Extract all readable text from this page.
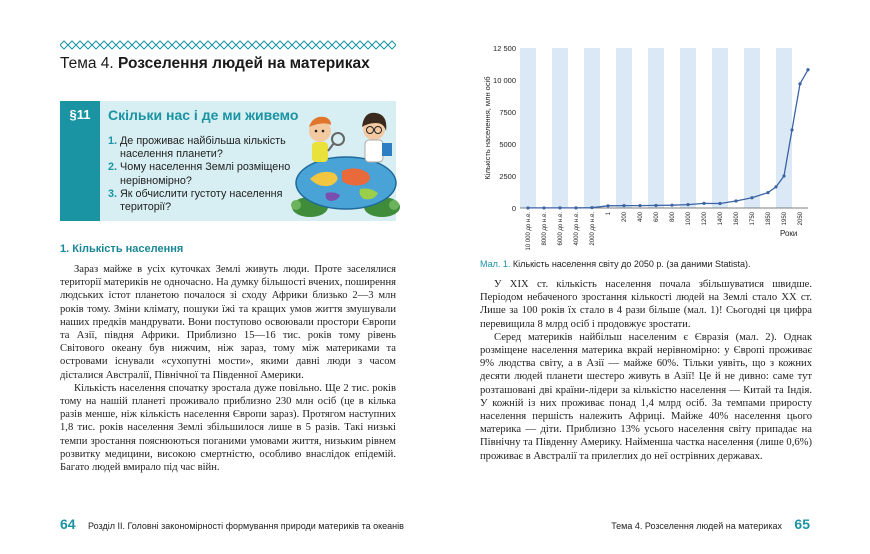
Тема 4. Розселення людей на материках
§11	Скільки нас і де ми живемо
1. Де проживає найбільша кількість населення планети?
2. Чому населення Землі розміщено нерівномірно?
3. Як обчислити густоту населення території?
1. Кількість населення

Зараз майже в усіх куточках Землі живуть люди. Проте заселялися території материків не одночасно. На думку більшості вчених, поширення людських істот планетою почалося зі сходу Африки близько 2—3 млн років тому. Зміни клімату, пошуки їжі та кращих умов життя змушували наших предків мандрувати. Вони поступово освоювали простори Європи та Азії, півдня Африки. Приблизно 15—16 тис. років тому рівень Світового океану був нижчим, ніж зараз, тому між материками та островами існували «сухопутні мости», якими давні люди з часом дісталися Австралії, Північної та Південної Америки.

Кількість населення спочатку зростала дуже повільно. Ще 2 тис. років тому на нашій планеті проживало приблизно 230 млн осіб (це в кілька разів менше, ніж кількість населення Європи зараз). Протягом наступних 1,8 тис. років населення Землі збільшилося лише в 5 разів. Такі низькі темпи зростання пояснюються поганими умовами життя, низьким рівнем розвитку медицини, високою смертністю, особливо внаслідок епідемій. Багато людей вмирало під час війн.

64 Розділ ІІ. Головні закономірності формування природи материків та океанів
0
2500
5000
7500
10 000
12 500
Кількість населення, млн осіб
10 000 до н.е. 8000 до н.е. 6000 до н.е. 4000 до н.е. 2000 до н.е. 1 200 400 600 800 1000 1200 1400 1600 1750 1850 1950 2050
Роки
Мал. 1. Кількість населення світу до 2050 р. (за даними Statista).

У ХІХ ст. кількість населення почала збільшуватися швидше. Періодом небаченого зростання кількості людей на Землі стало ХХ ст. Лише за 100 років їх стало в 4 рази більше (мал. 1)! Сьогодні ця цифра перевищила 8 млрд осіб і продовжує зростати.

Серед материків найбільш населеним є Євразія (мал. 2). Однак розміщене населення материка вкрай нерівномірно: у Європі проживає 9% людства світу, а в Азії — майже 60%. Тільки уявіть, що з кожних десяти людей планети шестеро живуть в Азії! Це й не дивно: саме тут розташовані дві країни-лідери за кількістю населення — Китай та Індія. У кожній із них проживає понад 1,4 млрд осіб. За темпами приросту населення першість належить Африці. Майже 40% населення цього материка — діти. Приблизно 13% усього населення світу припадає на Північну та Південну Америку. Найменша частка населення (лише 0,6%) проживає в Австралії та прилеглих до неї острівних державах.

Тема 4. Розселення людей на материках 65
